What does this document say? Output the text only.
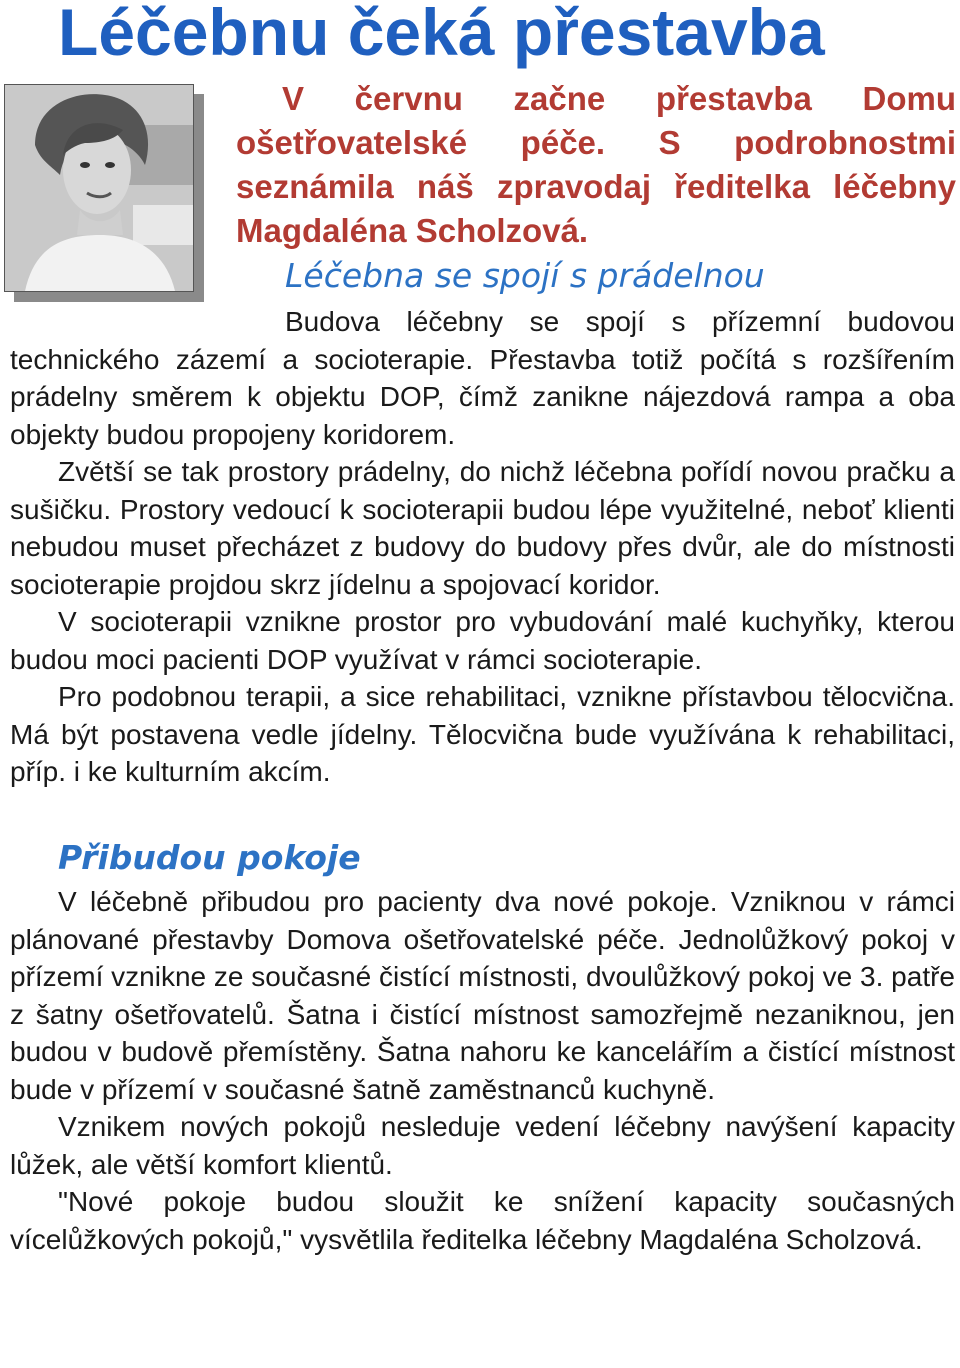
Léčebnu čeká přestavba

V červnu začne přestavba Domu ošetřovatelské péče. S podrobnostmi seznámila náš zpravodaj ředitelka léčebny Magdaléna Scholzová.

Léčebna se spojí s prádelnou

Budova léčebny se spojí s přízemní budovou technického zázemí a socioterapie. Přestavba totiž počítá s rozšířením prádelny směrem k objektu DOP, čímž zanikne nájezdová rampa a oba objekty budou propojeny koridorem.

Zvětší se tak prostory prádelny, do nichž léčebna pořídí novou pračku a sušičku. Prostory vedoucí k socioterapii budou lépe využitelné, neboť klienti nebudou muset přecházet z budovy do budovy přes dvůr, ale do místnosti socioterapie projdou skrz jídelnu a spojovací koridor.

V socioterapii vznikne prostor pro vybudování malé kuchyňky, kterou budou moci pacienti DOP využívat v rámci socioterapie.

Pro podobnou terapii, a sice rehabilitaci, vznikne přístavbou tělocvična. Má být postavena vedle jídelny. Tělocvična bude využívána k rehabilitaci, příp. i ke kulturním akcím.

Přibudou pokoje

V léčebně přibudou pro pacienty dva nové pokoje. Vzniknou v rámci plánované přestavby Domova ošetřovatelské péče. Jednolůžkový pokoj v přízemí vznikne ze současné čistící místnosti, dvoulůžkový pokoj ve 3. patře z šatny ošetřovatelů. Šatna i čistící místnost samozřejmě nezaniknou, jen budou v budově přemístěny. Šatna nahoru ke kancelářím a čistící místnost bude v přízemí v současné šatně zaměstnanců kuchyně.

Vznikem nových pokojů nesleduje vedení léčebny navýšení kapacity lůžek, ale větší komfort klientů.

"Nové pokoje budou sloužit ke snížení kapacity současných vícelůžkových pokojů," vysvětlila ředitelka léčebny Magdaléna Scholzová.
